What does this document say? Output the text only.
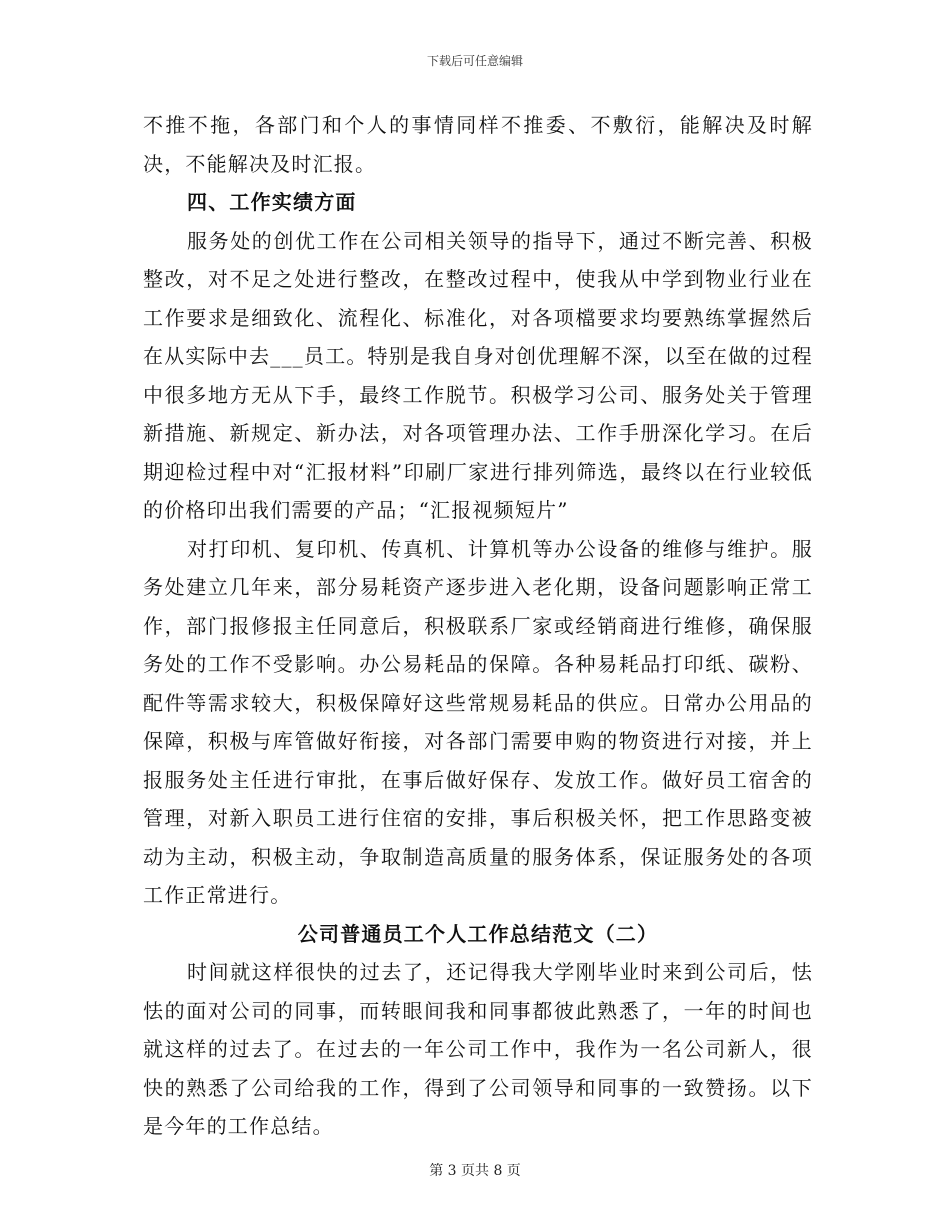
下载后可任意编辑

不推不拖，各部门和个人的事情同样不推委、不敷衍，能解决及时解决，不能解决及时汇报。

四、工作实绩方面

服务处的创优工作在公司相关领导的指导下，通过不断完善、积极整改，对不足之处进行整改，在整改过程中，使我从中学到物业行业在工作要求是细致化、流程化、标准化，对各项檔要求均要熟练掌握然后在从实际中去___员工。特别是我自身对创优理解不深，以至在做的过程中很多地方无从下手，最终工作脱节。积极学习公司、服务处关于管理新措施、新规定、新办法，对各项管理办法、工作手册深化学习。在后期迎检过程中对“汇报材料”印刷厂家进行排列筛选，最终以在行业较低的价格印出我们需要的产品；“汇报视频短片”

对打印机、复印机、传真机、计算机等办公设备的维修与维护。服务处建立几年来，部分易耗资产逐步进入老化期，设备问题影响正常工作，部门报修报主任同意后，积极联系厂家或经销商进行维修，确保服务处的工作不受影响。办公易耗品的保障。各种易耗品打印纸、碳粉、配件等需求较大，积极保障好这些常规易耗品的供应。日常办公用品的保障，积极与库管做好衔接，对各部门需要申购的物资进行对接，并上报服务处主任进行审批，在事后做好保存、发放工作。做好员工宿舍的管理，对新入职员工进行住宿的安排，事后积极关怀，把工作思路变被动为主动，积极主动，争取制造高质量的服务体系，保证服务处的各项工作正常进行。

公司普通员工个人工作总结范文（二）

时间就这样很快的过去了，还记得我大学刚毕业时来到公司后，怯怯的面对公司的同事，而转眼间我和同事都彼此熟悉了，一年的时间也就这样的过去了。在过去的一年公司工作中，我作为一名公司新人，很快的熟悉了公司给我的工作，得到了公司领导和同事的一致赞扬。以下是今年的工作总结。

第 3 页共 8 页
